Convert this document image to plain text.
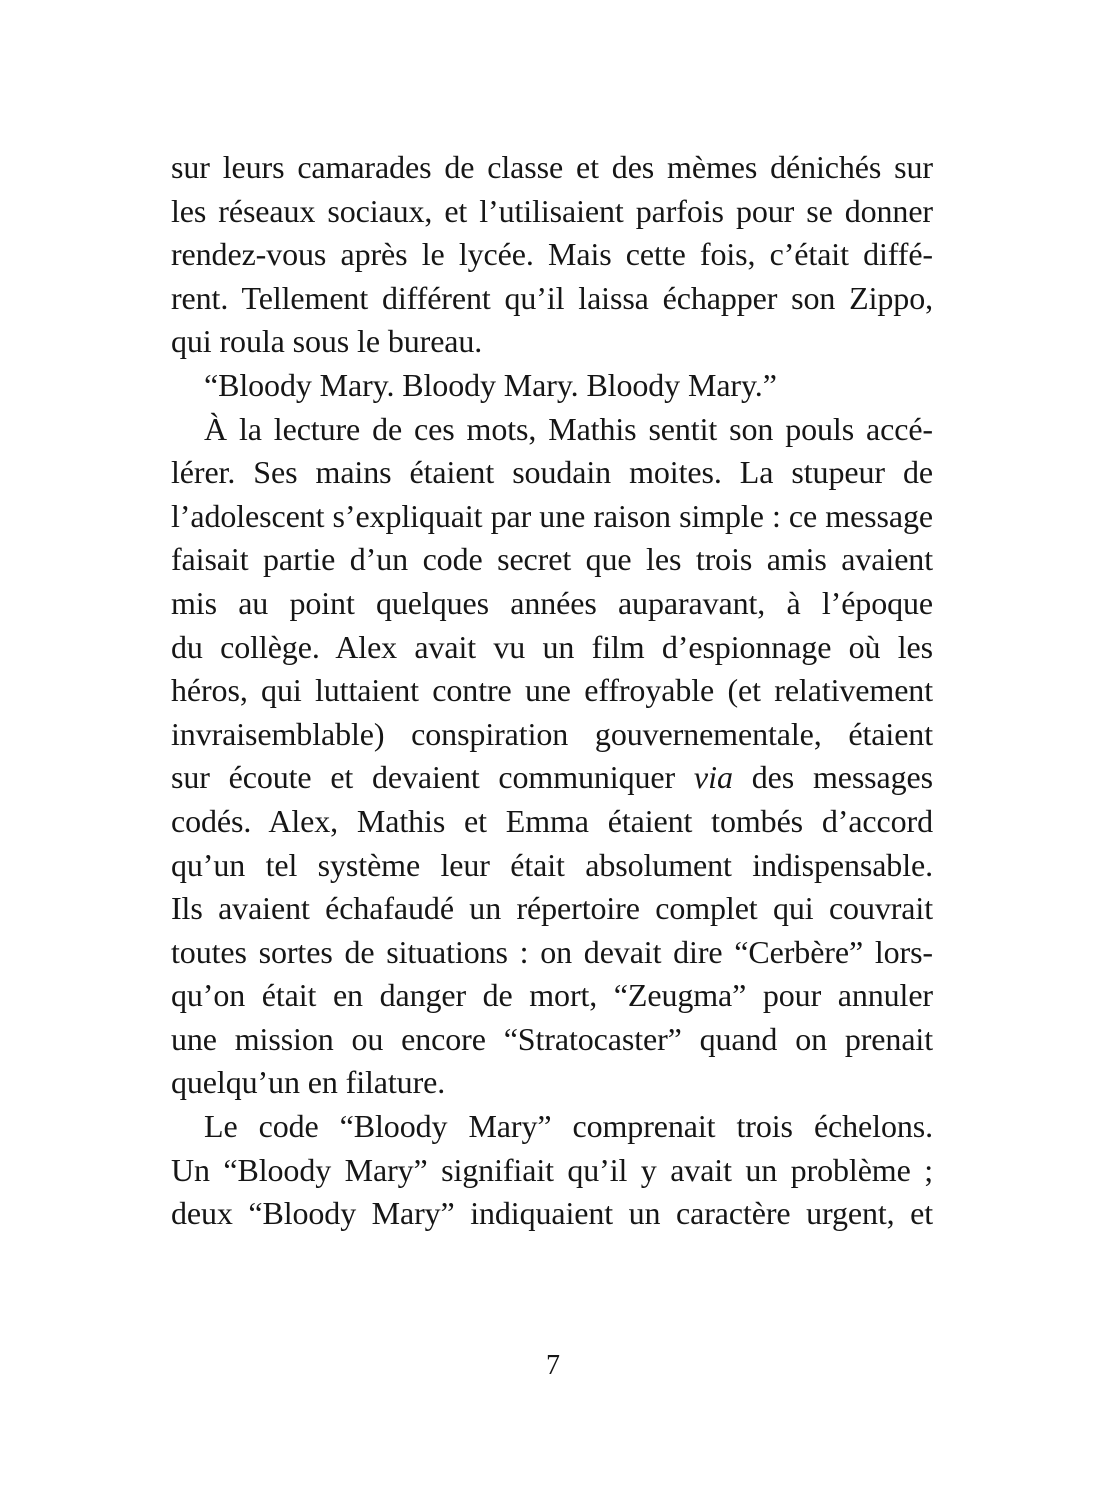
sur leurs camarades de classe et des mèmes dénichés sur
les réseaux sociaux, et l’utilisaient parfois pour se donner
rendez-vous après le lycée. Mais cette fois, c’était diffé-
rent. Tellement différent qu’il laissa échapper son Zippo,
qui roula sous le bureau.
“Bloody Mary. Bloody Mary. Bloody Mary.”
À la lecture de ces mots, Mathis sentit son pouls accé-
lérer. Ses mains étaient soudain moites. La stupeur de
l’adolescent s’expliquait par une raison simple : ce message
faisait partie d’un code secret que les trois amis avaient
mis au point quelques années auparavant, à l’époque
du collège. Alex avait vu un film d’espionnage où les
héros, qui luttaient contre une effroyable (et relativement
invraisemblable) conspiration gouvernementale, étaient
sur écoute et devaient communiquer via des messages
codés. Alex, Mathis et Emma étaient tombés d’accord
qu’un tel système leur était absolument indispensable.
Ils avaient échafaudé un répertoire complet qui couvrait
toutes sortes de situations : on devait dire “Cerbère” lors-
qu’on était en danger de mort, “Zeugma” pour annuler
une mission ou encore “Stratocaster” quand on prenait
quelqu’un en filature.
Le code “Bloody Mary” comprenait trois échelons.
Un “Bloody Mary” signifiait qu’il y avait un problème ;
deux “Bloody Mary” indiquaient un caractère urgent, et
7
